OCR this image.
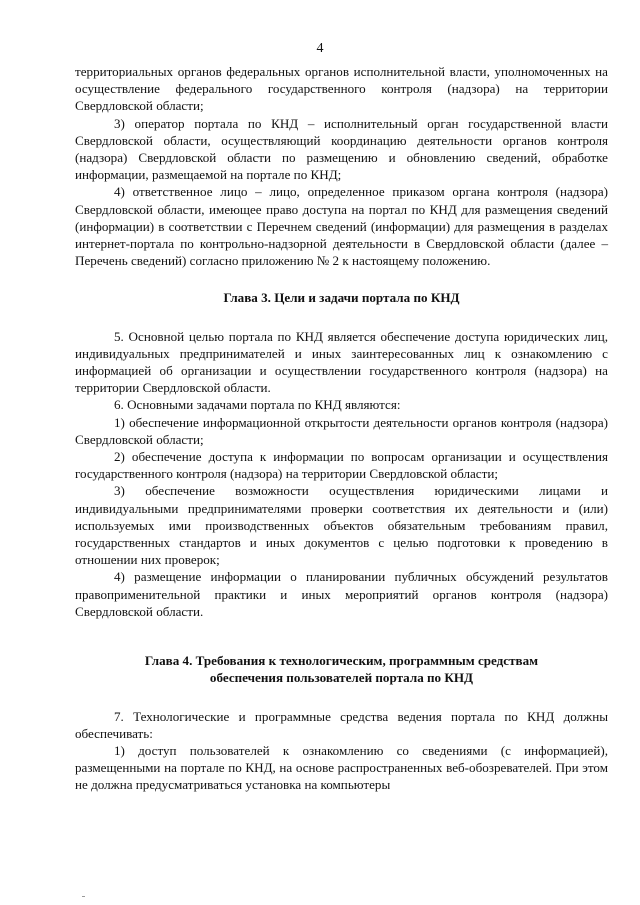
4

территориальных органов федеральных органов исполнительной власти, уполномоченных на осуществление федерального государственного контроля (надзора) на территории Свердловской области;

3) оператор портала по КНД – исполнительный орган государственной власти Свердловской области, осуществляющий координацию деятельности органов контроля (надзора) Свердловской области по размещению и обновлению сведений, обработке информации, размещаемой на портале по КНД;

4) ответственное лицо – лицо, определенное приказом органа контроля (надзора) Свердловской области, имеющее право доступа на портал по КНД для размещения сведений (информации) в соответствии с Перечнем сведений (информации) для размещения в разделах интернет-портала по контрольно-надзорной деятельности в Свердловской области (далее – Перечень сведений) согласно приложению № 2 к настоящему положению.

Глава 3. Цели и задачи портала по КНД

5. Основной целью портала по КНД является обеспечение доступа юридических лиц, индивидуальных предпринимателей и иных заинтересованных лиц к ознакомлению с информацией об организации и осуществлении государственного контроля (надзора) на территории Свердловской области.

6. Основными задачами портала по КНД являются:

1) обеспечение информационной открытости деятельности органов контроля (надзора) Свердловской области;

2) обеспечение доступа к информации по вопросам организации и осуществления государственного контроля (надзора) на территории Свердловской области;

3) обеспечение возможности осуществления юридическими лицами и индивидуальными предпринимателями проверки соответствия их деятельности и (или) используемых ими производственных объектов обязательным требованиям правил, государственных стандартов и иных документов с целью подготовки к проведению в отношении них проверок;

4) размещение информации о планировании публичных обсуждений результатов правоприменительной практики и иных мероприятий органов контроля (надзора) Свердловской области.

Глава 4. Требования к технологическим, программным средствам

обеспечения пользователей портала по КНД

7. Технологические и программные средства ведения портала по КНД должны обеспечивать:

1) доступ пользователей к ознакомлению со сведениями (с информацией), размещенными на портале по КНД, на основе распространенных веб-обозревателей. При этом не должна предусматриваться установка на компьютеры
